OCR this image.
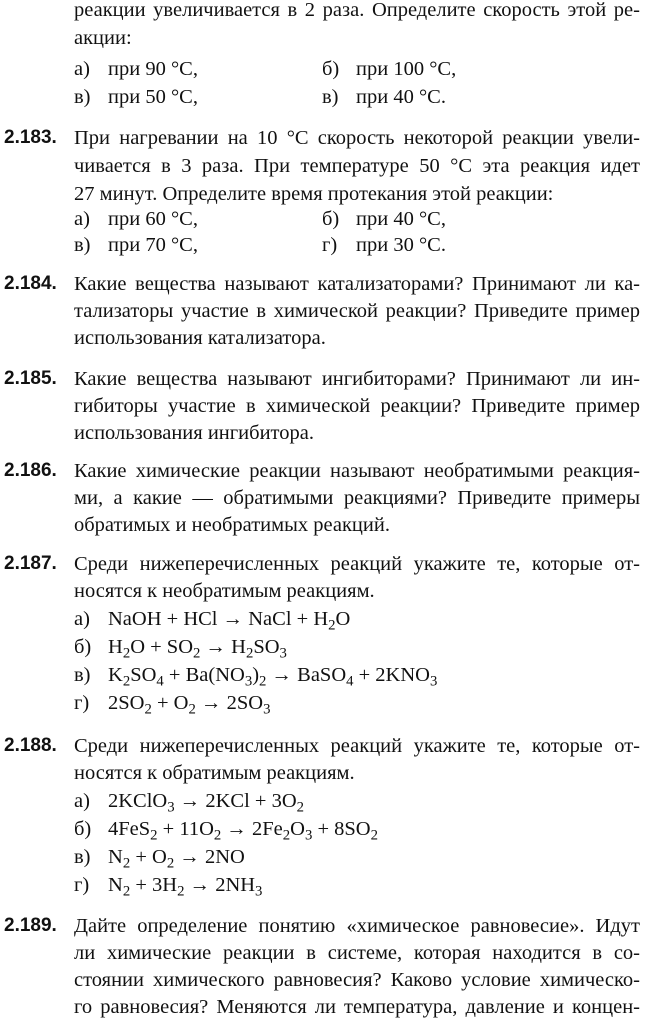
реакции увеличивается в 2 раза. Определите скорость этой ре-
акции:
а) при 90 °С,	б) при 100 °С,
в) при 50 °С,	в) при 40 °С.
2.183. При нагревании на 10 °С скорость некоторой реакции увели-
чивается в 3 раза. При температуре 50 °С эта реакция идет
27 минут. Определите время протекания этой реакции:
а) при 60 °С,	б) при 40 °С,
в) при 70 °С,	г) при 30 °С.
2.184. Какие вещества называют катализаторами? Принимают ли ка-
тализаторы участие в химической реакции? Приведите пример
использования катализатора.
2.185. Какие вещества называют ингибиторами? Принимают ли ин-
гибиторы участие в химической реакции? Приведите пример
использования ингибитора.
2.186. Какие химические реакции называют необратимыми реакция-
ми, а какие — обратимыми реакциями? Приведите примеры
обратимых и необратимых реакций.
2.187. Среди нижеперечисленных реакций укажите те, которые от-
носятся к необратимым реакциям.
а) NaOH + HCl → NaCl + $H_2O$
б) $H_2O + SO_2 \to H_2SO_3$
в) $K_2SO_4 + Ba(NO_3)_2$ → BaSO$_4$ + $2KNO_3$
г) $2SO_2 + O_2 \to 2SO_3$
2.188. Среди нижеперечисленных реакций укажите те, которые от-
носятся к обратимым реакциям.
а) 2KClO$_3$ → $2KCl + 3O_2$
б) $4FeS_2 + 11O_2 \to 2Fe_2O_3 + 8SO_2$
в) $N_2 + O_2 \to 2NO$
г) $N_2 + 3H_2 \to 2NH_3$
2.189. Дайте определение понятию «химическое равновесие». Идут
ли химические реакции в системе, которая находится в со-
стоянии химического равновесия? Каково условие химическо-
го равновесия? Меняются ли температура, давление и концен-
